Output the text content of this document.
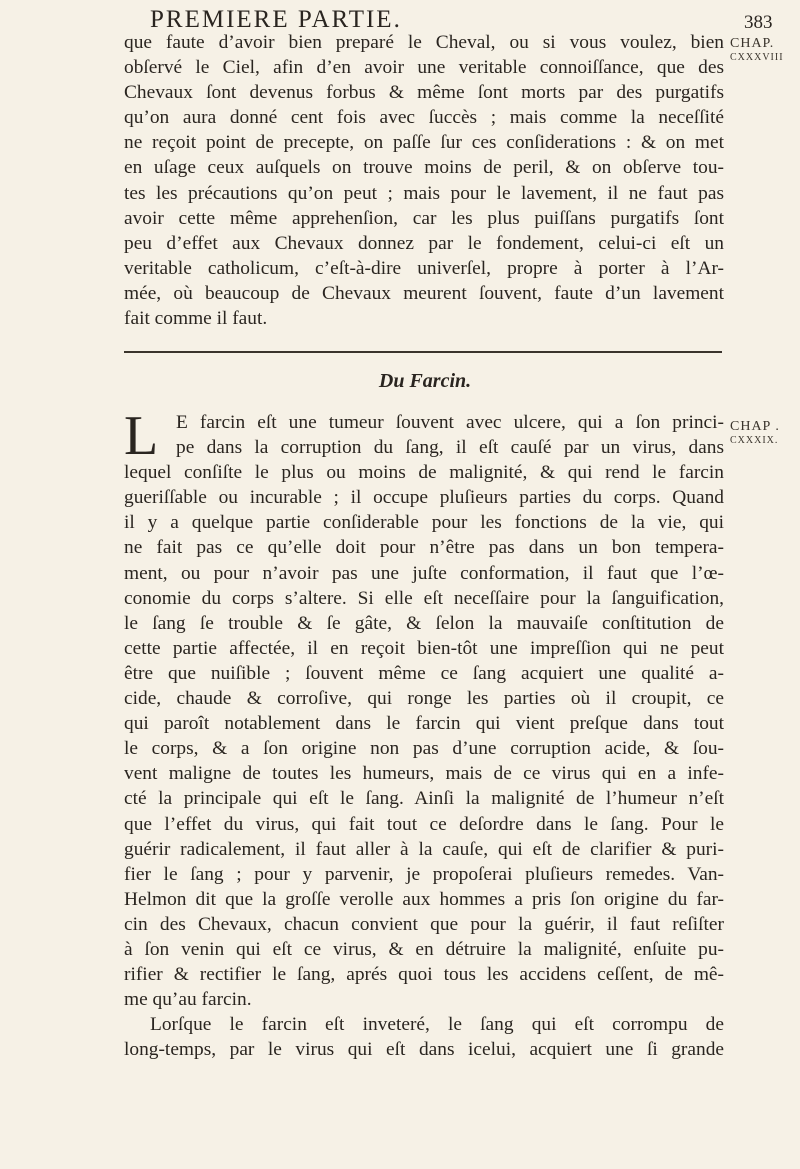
PREMIERE PARTIE.	383
CHAP.
CXXXVIII
que faute d’avoir bien preparé le Cheval, ou si vous voulez, bien
obſervé le Ciel, afin d’en avoir une veritable connoiſſance, que des
Chevaux ſont devenus forbus & même ſont morts par des purgatifs
qu’on aura donné cent fois avec ſuccès ; mais comme la neceſſité
ne reçoit point de precepte, on paſſe ſur ces conſiderations : & on met
en uſage ceux auſquels on trouve moins de peril, & on obſerve tou-
tes les précautions qu’on peut ; mais pour le lavement, il ne faut pas
avoir cette même apprehenſion, car les plus puiſſans purgatifs ſont
peu d’effet aux Chevaux donnez par le fondement, celui-ci eſt un
veritable catholicum, c’eſt-à-dire univerſel, propre à porter à l’Ar-
mée, où beaucoup de Chevaux meurent ſouvent, faute d’un lavement
fait comme il faut.
Du Farcin.
CHAP .
CXXXIX.
L E farcin eſt une tumeur ſouvent avec ulcere, qui a ſon princi-
pe dans la corruption du ſang, il eſt cauſé par un virus, dans
lequel conſiſte le plus ou moins de malignité, & qui rend le farcin
gueriſſable ou incurable ; il occupe pluſieurs parties du corps. Quand
il y a quelque partie conſiderable pour les fonctions de la vie, qui
ne fait pas ce qu’elle doit pour n’être pas dans un bon tempera-
ment, ou pour n’avoir pas une juſte conformation, il faut que l’œ-
conomie du corps s’altere. Si elle eſt neceſſaire pour la ſanguification,
le ſang ſe trouble & ſe gâte, & ſelon la mauvaiſe conſtitution de
cette partie affectée, il en reçoit bien-tôt une impreſſion qui ne peut
être que nuiſible ; ſouvent même ce ſang acquiert une qualité a-
cide, chaude & corroſive, qui ronge les parties où il croupit, ce
qui paroît notablement dans le farcin qui vient preſque dans tout
le corps, & a ſon origine non pas d’une corruption acide, & ſou-
vent maligne de toutes les humeurs, mais de ce virus qui en a infe-
cté la principale qui eſt le ſang. Ainſi la malignité de l’humeur n’eſt
que l’effet du virus, qui fait tout ce deſordre dans le ſang. Pour le
guérir radicalement, il faut aller à la cauſe, qui eſt de clarifier & puri-
fier le ſang ; pour y parvenir, je propoſerai pluſieurs remedes. Van-
Helmon dit que la groſſe verolle aux hommes a pris ſon origine du far-
cin des Chevaux, chacun convient que pour la guérir, il faut reſiſter
à ſon venin qui eſt ce virus, & en détruire la malignité, enſuite pu-
rifier & rectifier le ſang, aprés quoi tous les accidens ceſſent, de mê-
me qu’au farcin.
Lorſque le farcin eſt inveteré, le ſang qui eſt corrompu de
long-temps, par le virus qui eſt dans icelui, acquiert une ſi grande
